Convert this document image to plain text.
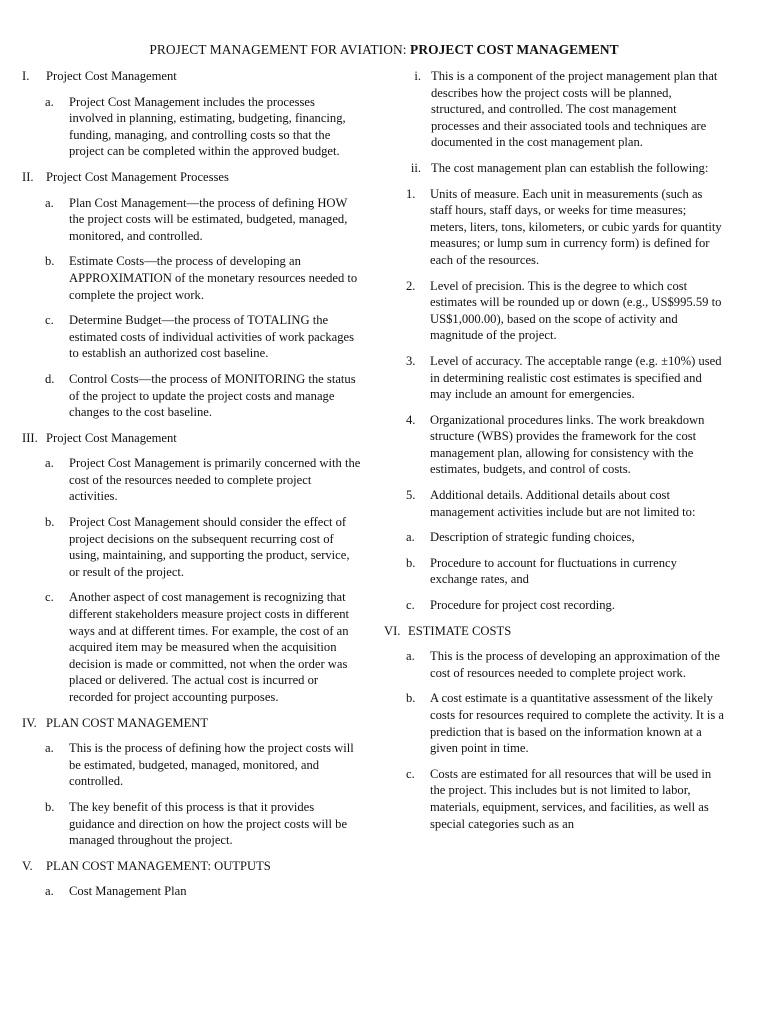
PROJECT MANAGEMENT FOR AVIATION: PROJECT COST MANAGEMENT
I.	Project Cost Management
a.	Project Cost Management includes the processes involved in planning, estimating, budgeting, financing, funding, managing, and controlling costs so that the project can be completed within the approved budget.
II. Project Cost Management Processes
a.	Plan Cost Management—the process of defining HOW the project costs will be estimated, budgeted, managed, monitored, and controlled.
b.	Estimate Costs—the process of developing an APPROXIMATION of the monetary resources needed to complete the project work.
c.	Determine Budget—the process of TOTALING the estimated costs of individual activities of work packages to establish an authorized cost baseline.
d.	Control Costs—the process of MONITORING the status of the project to update the project costs and manage changes to the cost baseline.
III. Project Cost Management
a.	Project Cost Management is primarily concerned with the cost of the resources needed to complete project activities.
b.	Project Cost Management should consider the effect of project decisions on the subsequent recurring cost of using, maintaining, and supporting the product, service, or result of the project.
c.	Another aspect of cost management is recognizing that different stakeholders measure project costs in different ways and at different times. For example, the cost of an acquired item may be measured when the acquisition decision is made or committed, not when the order was placed or delivered. The actual cost is incurred or recorded for project accounting purposes.
IV. PLAN COST MANAGEMENT
a.	This is the process of defining how the project costs will be estimated, budgeted, managed, monitored, and controlled.
b.	The key benefit of this process is that it provides guidance and direction on how the project costs will be managed throughout the project.
V.	PLAN COST MANAGEMENT: OUTPUTS
a.	Cost Management Plan
i. This is a component of the project management plan that describes how the project costs will be planned, structured, and controlled. The cost management processes and their associated tools and techniques are documented in the cost management plan.
ii. The cost management plan can establish the following:
1.	Units of measure. Each unit in measurements (such as staff hours, staff days, or weeks for time measures; meters, liters, tons, kilometers, or cubic yards for quantity measures; or lump sum in currency form) is defined for each of the resources.
2.	Level of precision. This is the degree to which cost estimates will be rounded up or down (e.g., US$995.59 to US$1,000.00), based on the scope of activity and magnitude of the project.
3.	Level of accuracy. The acceptable range (e.g. ±10%) used in determining realistic cost estimates is specified and may include an amount for emergencies.
4.	Organizational procedures links. The work breakdown structure (WBS) provides the framework for the cost management plan, allowing for consistency with the estimates, budgets, and control of costs.
5.	Additional details. Additional details about cost management activities include but are not limited to:
a.	Description of strategic funding choices,
b.	Procedure to account for fluctuations in currency exchange rates, and
c.	Procedure for project cost recording.
VI. ESTIMATE COSTS
a.	This is the process of developing an approximation of the cost of resources needed to complete project work.
b.	A cost estimate is a quantitative assessment of the likely costs for resources required to complete the activity. It is a prediction that is based on the information known at a given point in time.
c.	Costs are estimated for all resources that will be used in the project. This includes but is not limited to labor, materials, equipment, services, and facilities, as well as special categories such as an
